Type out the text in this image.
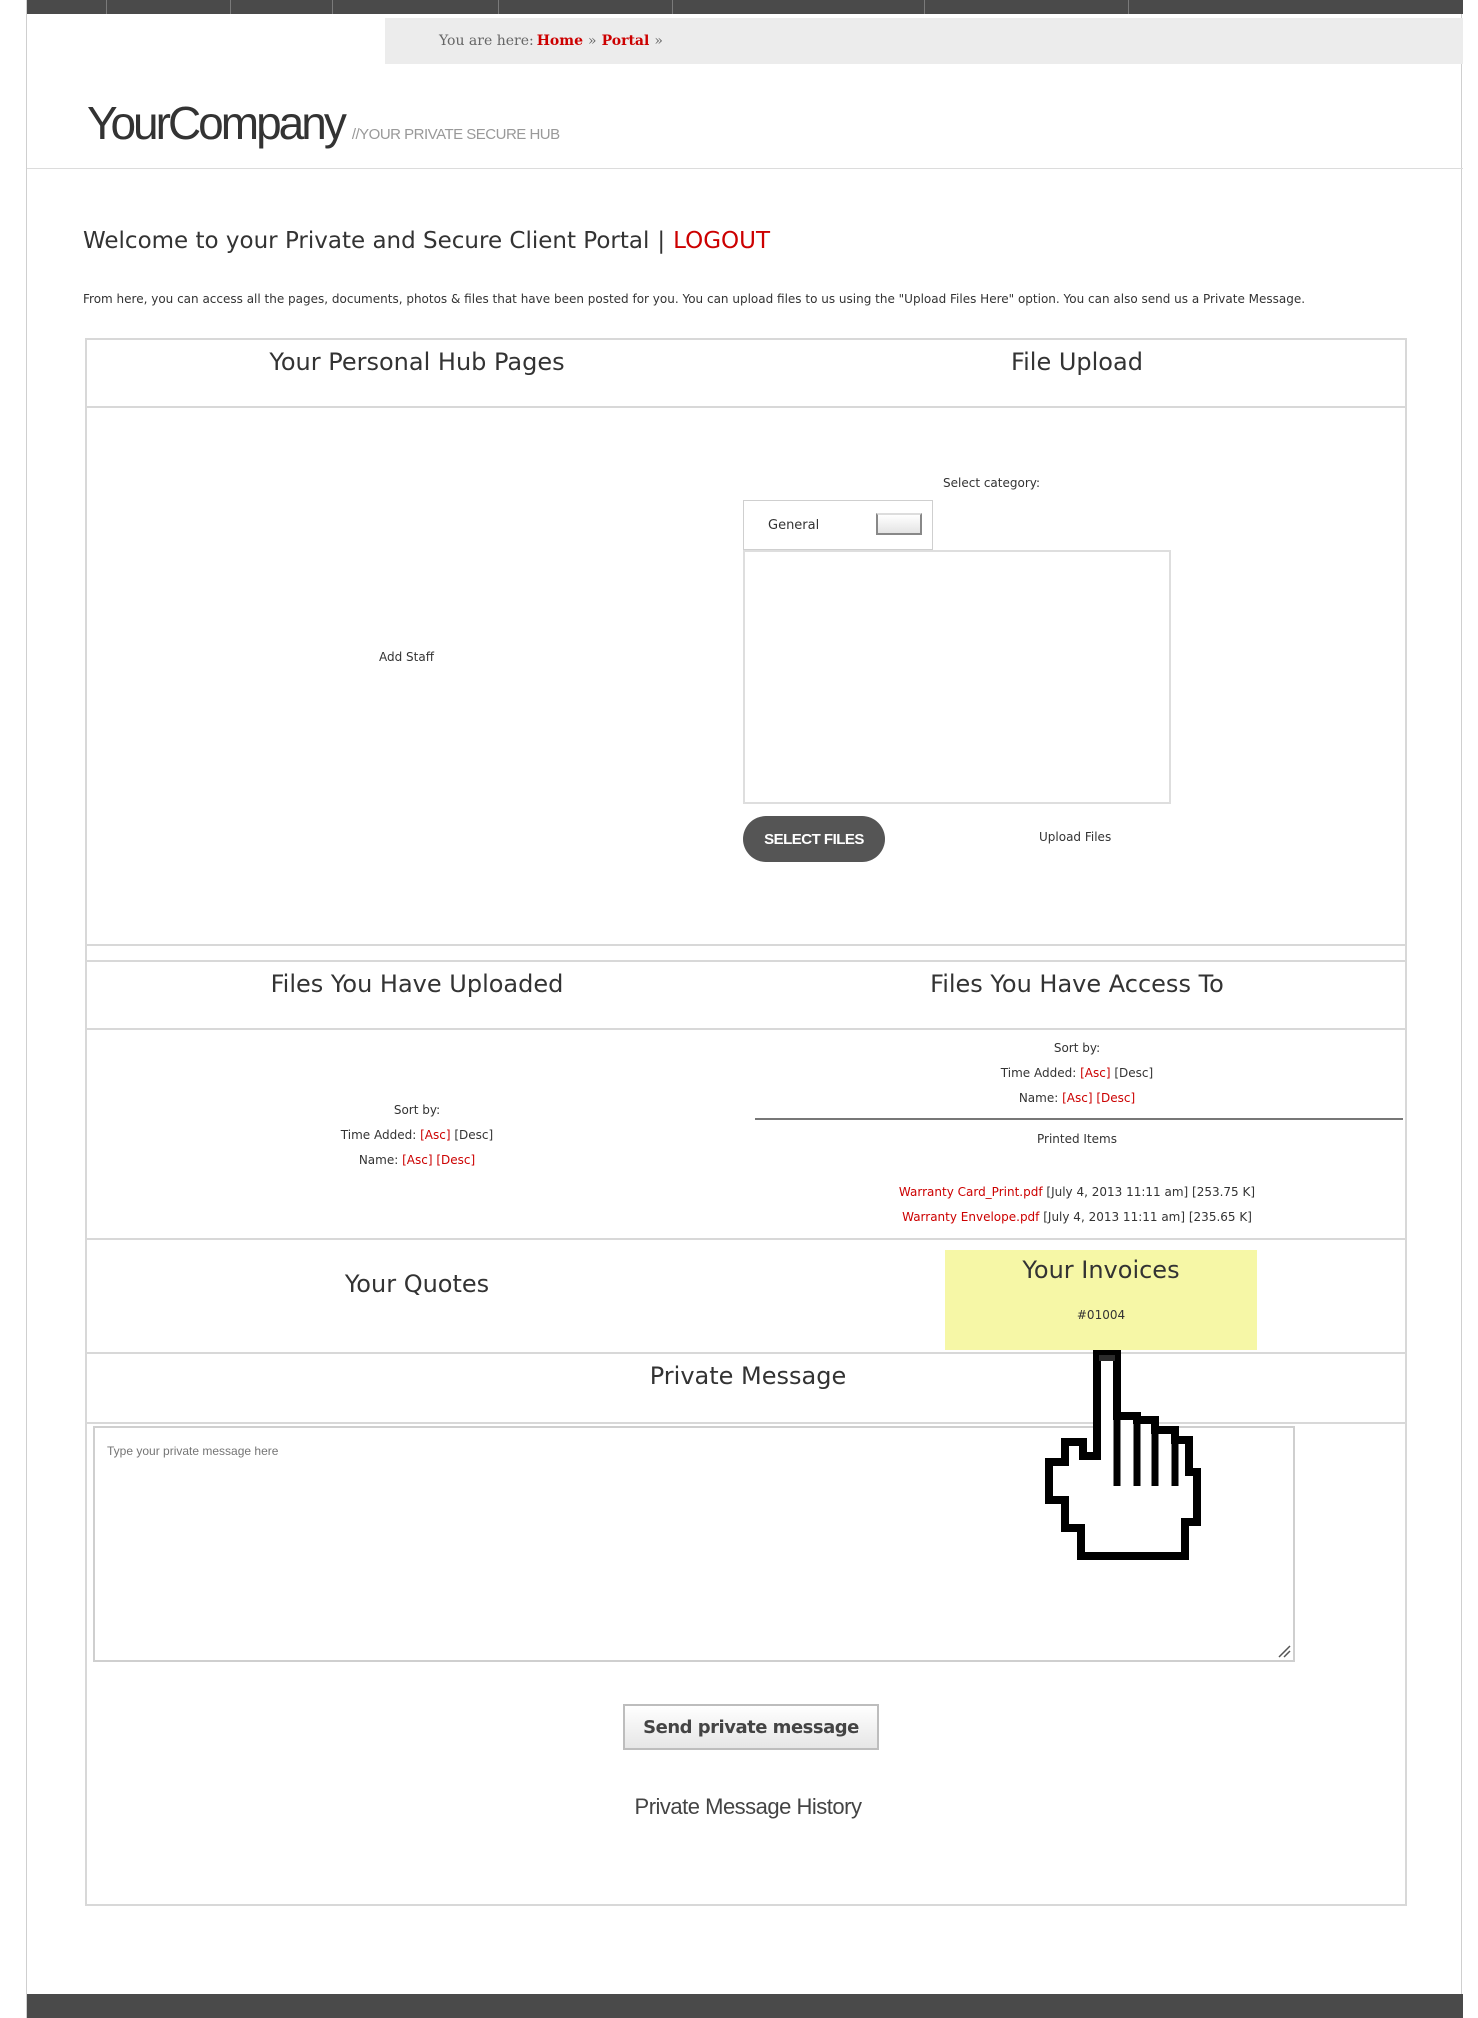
You are here: Home » Portal »
YourCompany //YOUR PRIVATE SECURE HUB
Welcome to your Private and Secure Client Portal | LOGOUT

From here, you can access all the pages, documents, photos & files that have been posted for you. You can upload files to us using the "Upload Files Here" option. You can also send us a Private Message.

Your Personal Hub Pages	File Upload
Add Staff
Select category:
General
SELECT FILES	Upload Files
Files You Have Uploaded	Files You Have Access To
Sort by:
Time Added: [Asc] [Desc]
Name: [Asc] [Desc]
Sort by:
Time Added: [Asc] [Desc]
Name: [Asc] [Desc]
Printed Items
Warranty Card_Print.pdf [July 4, 2013 11:11 am] [253.75 K]
Warranty Envelope.pdf [July 4, 2013 11:11 am] [235.65 K]
Your Quotes	Your Invoices
#01004
Private Message
Type your private message here
Send private message
Private Message History
